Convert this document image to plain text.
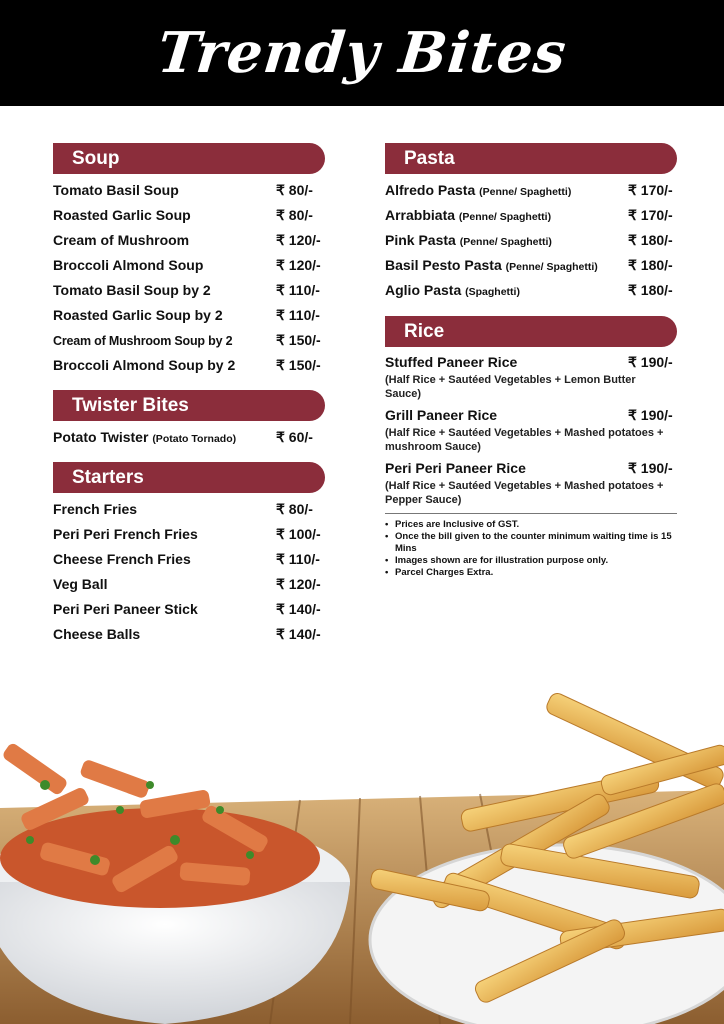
Trendy Bites
Soup
Tomato Basil Soup	₹ 80/-
Roasted Garlic Soup	₹ 80/-
Cream of Mushroom	₹ 120/-
Broccoli Almond Soup	₹ 120/-
Tomato Basil Soup by 2	₹ 110/-
Roasted Garlic Soup by 2	₹ 110/-
Cream of Mushroom Soup by 2	₹ 150/-
Broccoli Almond Soup by 2	₹ 150/-
Twister Bites
Potato Twister (Potato Tornado)	₹ 60/-
Starters
French Fries	₹ 80/-
Peri Peri French Fries	₹ 100/-
Cheese French Fries	₹ 110/-
Veg Ball	₹ 120/-
Peri Peri Paneer Stick	₹ 140/-
Cheese Balls	₹ 140/-
Pasta
Alfredo Pasta (Penne/ Spaghetti)	₹ 170/-
Arrabbiata (Penne/ Spaghetti)	₹ 170/-
Pink Pasta (Penne/ Spaghetti)	₹ 180/-
Basil Pesto Pasta (Penne/ Spaghetti) ₹ 180/-
Aglio Pasta (Spaghetti)	₹ 180/-
Rice
Stuffed Paneer Rice	₹ 190/-
(Half Rice + Sautéed Vegetables + Lemon Butter Sauce)
Grill Paneer Rice	₹ 190/-
(Half Rice + Sautéed Vegetables + Mashed potatoes + mushroom Sauce)
Peri Peri Paneer Rice	₹ 190/-
(Half Rice + Sautéed Vegetables + Mashed potatoes + Pepper Sauce)
• Prices are Inclusive of GST.
• Once the bill given to the counter minimum waiting time is 15 Mins
• Images shown are for illustration purpose only.
• Parcel Charges Extra.
